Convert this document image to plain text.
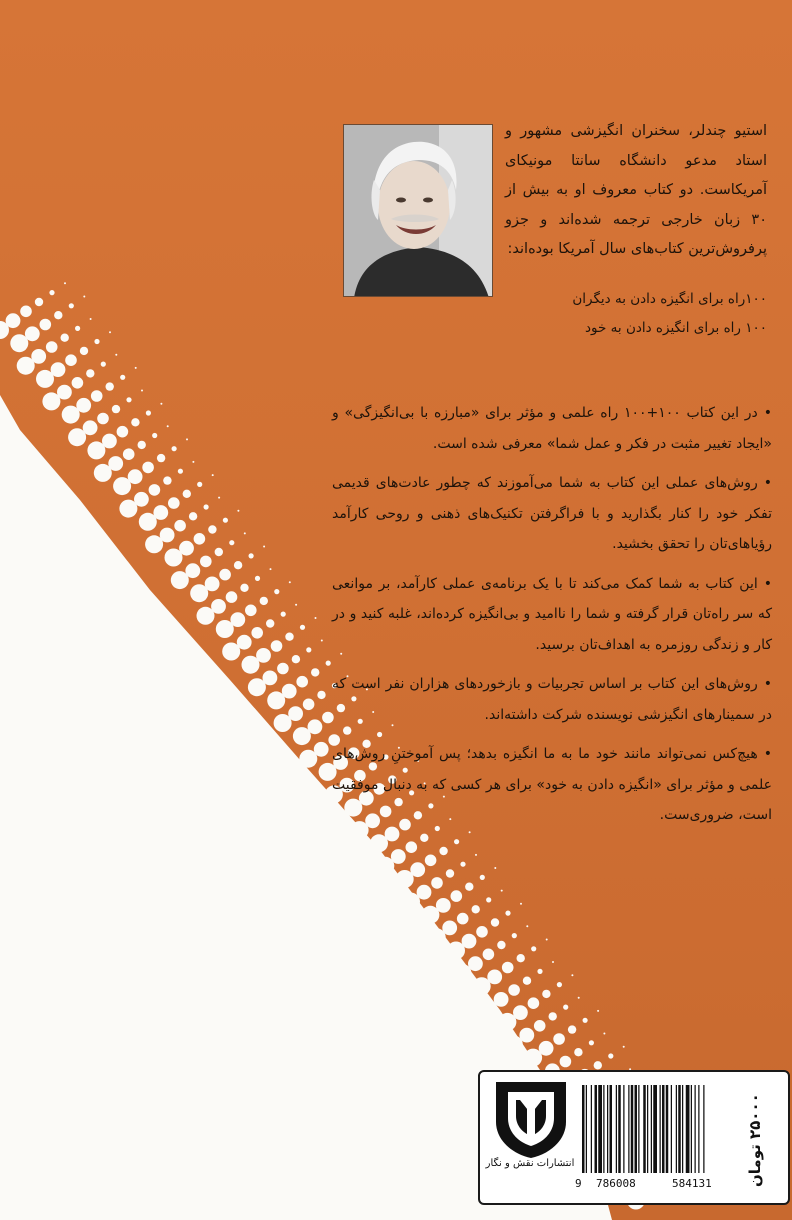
استیو چندلر، سخنران انگیزشی مشهور و استاد مدعو دانشگاه سانتا مونیکای آمریکاست. دو کتاب معروف او به بیش از ۳۰ زبان خارجی ترجمه شده‌اند و جزو پرفروش‌ترین کتاب‌های سال آمریکا بوده‌اند:
۱۰۰راه برای انگیزه دادن به دیگران
۱۰۰ راه برای انگیزه دادن به خود
•در این کتاب ۱۰۰+۱۰۰ راه علمی و مؤثر برای «مبارزه با بی‌انگیزگی» و «ایجاد تغییر مثبت در فکر و عمل شما» معرفی شده است.
•روش‌های عملی این کتاب به شما می‌آموزند که چطور عادت‌های قدیمی تفکر خود را کنار بگذارید و با فراگرفتن تکنیک‌های ذهنی و روحی کارآمد رؤیاهای‌تان را تحقق بخشید.
•این کتاب به شما کمک می‌کند تا با یک برنامه‌ی عملی کارآمد، بر موانعی که سر راه‌تان قرار گرفته و شما را ناامید و بی‌انگیزه کرده‌اند، غلبه کنید و در کار و زندگی روزمره به اهداف‌تان برسید.
•روش‌های این کتاب بر اساس تجربیات و بازخوردهای هزاران نفر است که در سمینارهای انگیزشی نویسنده شرکت داشته‌اند.
•هیچ‌کس نمی‌تواند مانند خود ما به ما انگیزه بدهد؛ پس آموختنِ روش‌های علمی و مؤثر برای «انگیزه دادن به خود» برای هر کسی که به دنبال موفقیت است، ضروری‌ست.
انتشارات نقش و نگار
9 786008	584131 ۲۵۰۰۰ تومان
